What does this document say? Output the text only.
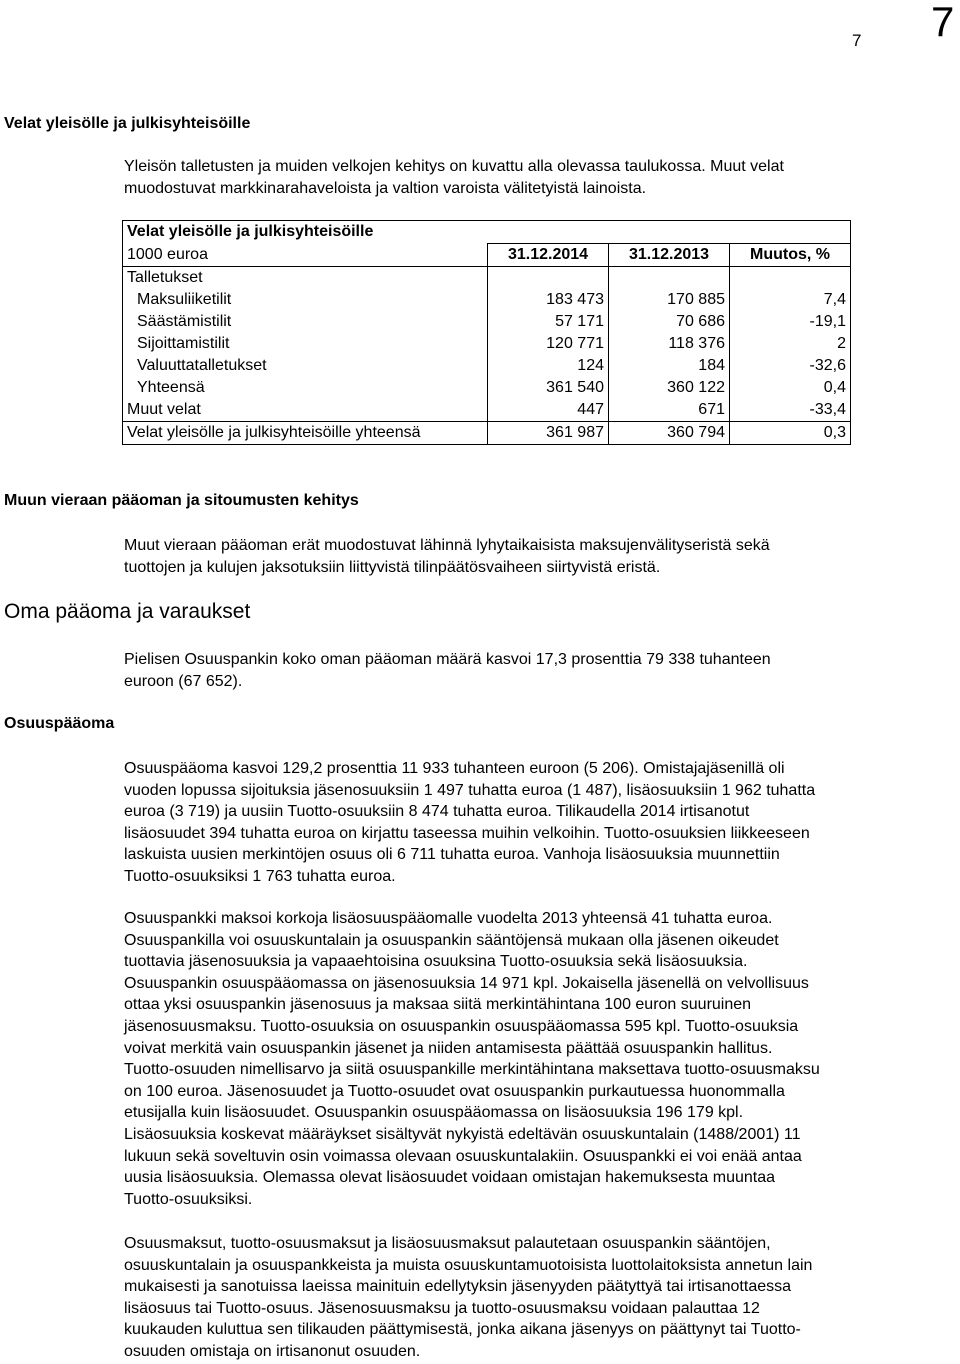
7 7
Velat yleisölle ja julkisyhteisöille
Yleisön talletusten ja muiden velkojen kehitys on kuvattu alla olevassa taulukossa. Muut velat
muodostuvat markkinarahaveloista ja valtion varoista välitetyistä lainoista.
Velat yleisölle ja julkisyhteisöille			
1000 euroa	31.12.2014	31.12.2013	Muutos, %
Talletukset			
Maksuliiketilit	183 473	170 885	7,4
Säästämistilit	57 171	70 686	-19,1
Sijoittamistilit	120 771	118 376	2
Valuuttatalletukset	124	184	-32,6
Yhteensä	361 540	360 122	0,4
Muut velat	447	671	-33,4
Velat yleisölle ja julkisyhteisöille yhteensä	361 987	360 794	0,3
Muun vieraan pääoman ja sitoumusten kehitys
Muut vieraan pääoman erät muodostuvat lähinnä lyhytaikaisista maksujenvälityseristä sekä
tuottojen ja kulujen jaksotuksiin liittyvistä tilinpäätösvaiheen siirtyvistä eristä.
Oma pääoma ja varaukset
Pielisen Osuuspankin koko oman pääoman määrä kasvoi 17,3 prosenttia 79 338 tuhanteen
euroon (67 652).
Osuuspääoma
Osuuspääoma kasvoi 129,2 prosenttia 11 933 tuhanteen euroon (5 206). Omistajajäsenillä oli
vuoden lopussa sijoituksia jäsenosuuksiin 1 497 tuhatta euroa (1 487), lisäosuuksiin 1 962 tuhatta
euroa (3 719) ja uusiin Tuotto-osuuksiin 8 474 tuhatta euroa. Tilikaudella 2014 irtisanotut
lisäosuudet 394 tuhatta euroa on kirjattu taseessa muihin velkoihin. Tuotto-osuuksien liikkeeseen
laskuista uusien merkintöjen osuus oli 6 711 tuhatta euroa. Vanhoja lisäosuuksia muunnettiin
Tuotto-osuuksiksi 1 763 tuhatta euroa.
Osuuspankki maksoi korkoja lisäosuuspääomalle vuodelta 2013 yhteensä 41 tuhatta euroa.
Osuuspankilla voi osuuskuntalain ja osuuspankin sääntöjensä mukaan olla jäsenen oikeudet
tuottavia jäsenosuuksia ja vapaaehtoisina osuuksina Tuotto-osuuksia sekä lisäosuuksia.
Osuuspankin osuuspääomassa on jäsenosuuksia 14 971 kpl. Jokaisella jäsenellä on velvollisuus
ottaa yksi osuuspankin jäsenosuus ja maksaa siitä merkintähintana 100 euron suuruinen
jäsenosuusmaksu. Tuotto-osuuksia on osuuspankin osuuspääomassa 595 kpl. Tuotto-osuuksia
voivat merkitä vain osuuspankin jäsenet ja niiden antamisesta päättää osuuspankin hallitus.
Tuotto-osuuden nimellisarvo ja siitä osuuspankille merkintähintana maksettava tuotto-osuusmaksu
on 100 euroa. Jäsenosuudet ja Tuotto-osuudet ovat osuuspankin purkautuessa huonommalla
etusijalla kuin lisäosuudet. Osuuspankin osuuspääomassa on lisäosuuksia 196 179 kpl.
Lisäosuuksia koskevat määräykset sisältyvät nykyistä edeltävän osuuskuntalain (1488/2001) 11
lukuun sekä soveltuvin osin voimassa olevaan osuuskuntalakiin. Osuuspankki ei voi enää antaa
uusia lisäosuuksia. Olemassa olevat lisäosuudet voidaan omistajan hakemuksesta muuntaa
Tuotto-osuuksiksi.
Osuusmaksut, tuotto-osuusmaksut ja lisäosuusmaksut palautetaan osuuspankin sääntöjen,
osuuskuntalain ja osuuspankkeista ja muista osuuskuntamuotoisista luottolaitoksista annetun lain
mukaisesti ja sanotuissa laeissa mainituin edellytyksin jäsenyyden päätyttyä tai irtisanottaessa
lisäosuus tai Tuotto-osuus. Jäsenosuusmaksu ja tuotto-osuusmaksu voidaan palauttaa 12
kuukauden kuluttua sen tilikauden päättymisestä, jonka aikana jäsenyys on päättynyt tai Tuotto-
osuuden omistaja on irtisanonut osuuden.
